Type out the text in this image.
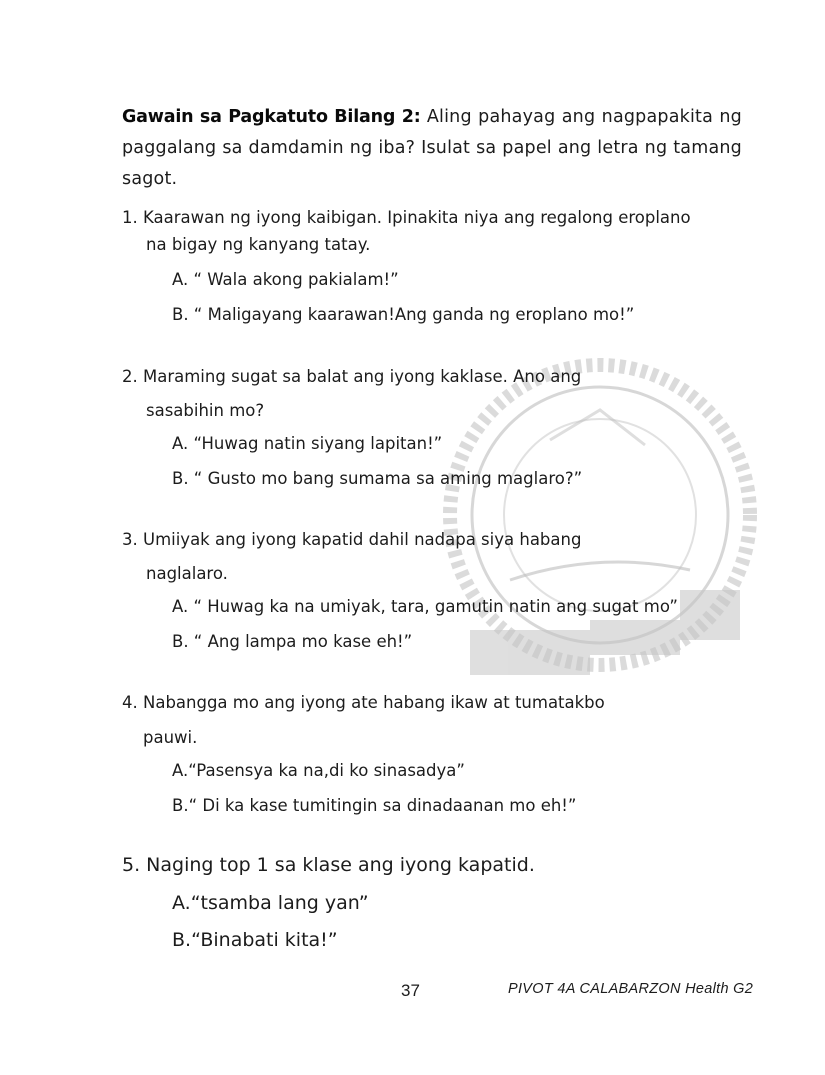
Gawain sa Pagkatuto Bilang 2: Aling pahayag ang nagpapakita ng paggalang sa damdamin ng iba? Isulat sa papel ang letra ng tamang sagot.
1. Kaarawan ng iyong kaibigan. Ipinakita niya ang regalong eroplano
na bigay ng kanyang tatay.
A. “ Wala akong pakialam!”
B. “ Maligayang kaarawan!Ang ganda ng eroplano mo!”
2. Maraming sugat sa balat ang iyong kaklase. Ano ang
sasabihin mo?
A. “Huwag natin siyang lapitan!”
B. “ Gusto mo bang sumama sa aming maglaro?”
3. Umiiyak ang iyong kapatid dahil nadapa siya habang
naglalaro.
A. “ Huwag ka na umiyak, tara, gamutin natin ang sugat mo”
B. “ Ang lampa mo kase eh!”
4. Nabangga mo ang iyong ate habang ikaw at tumatakbo
pauwi.
A.“Pasensya ka na,di ko sinasadya”
B.“ Di ka kase tumitingin sa dinadaanan mo eh!”
5. Naging top 1 sa klase ang iyong kapatid.
A.“tsamba lang yan”
B.“Binabati kita!”
37	PIVOT 4A CALABARZON Health G2
